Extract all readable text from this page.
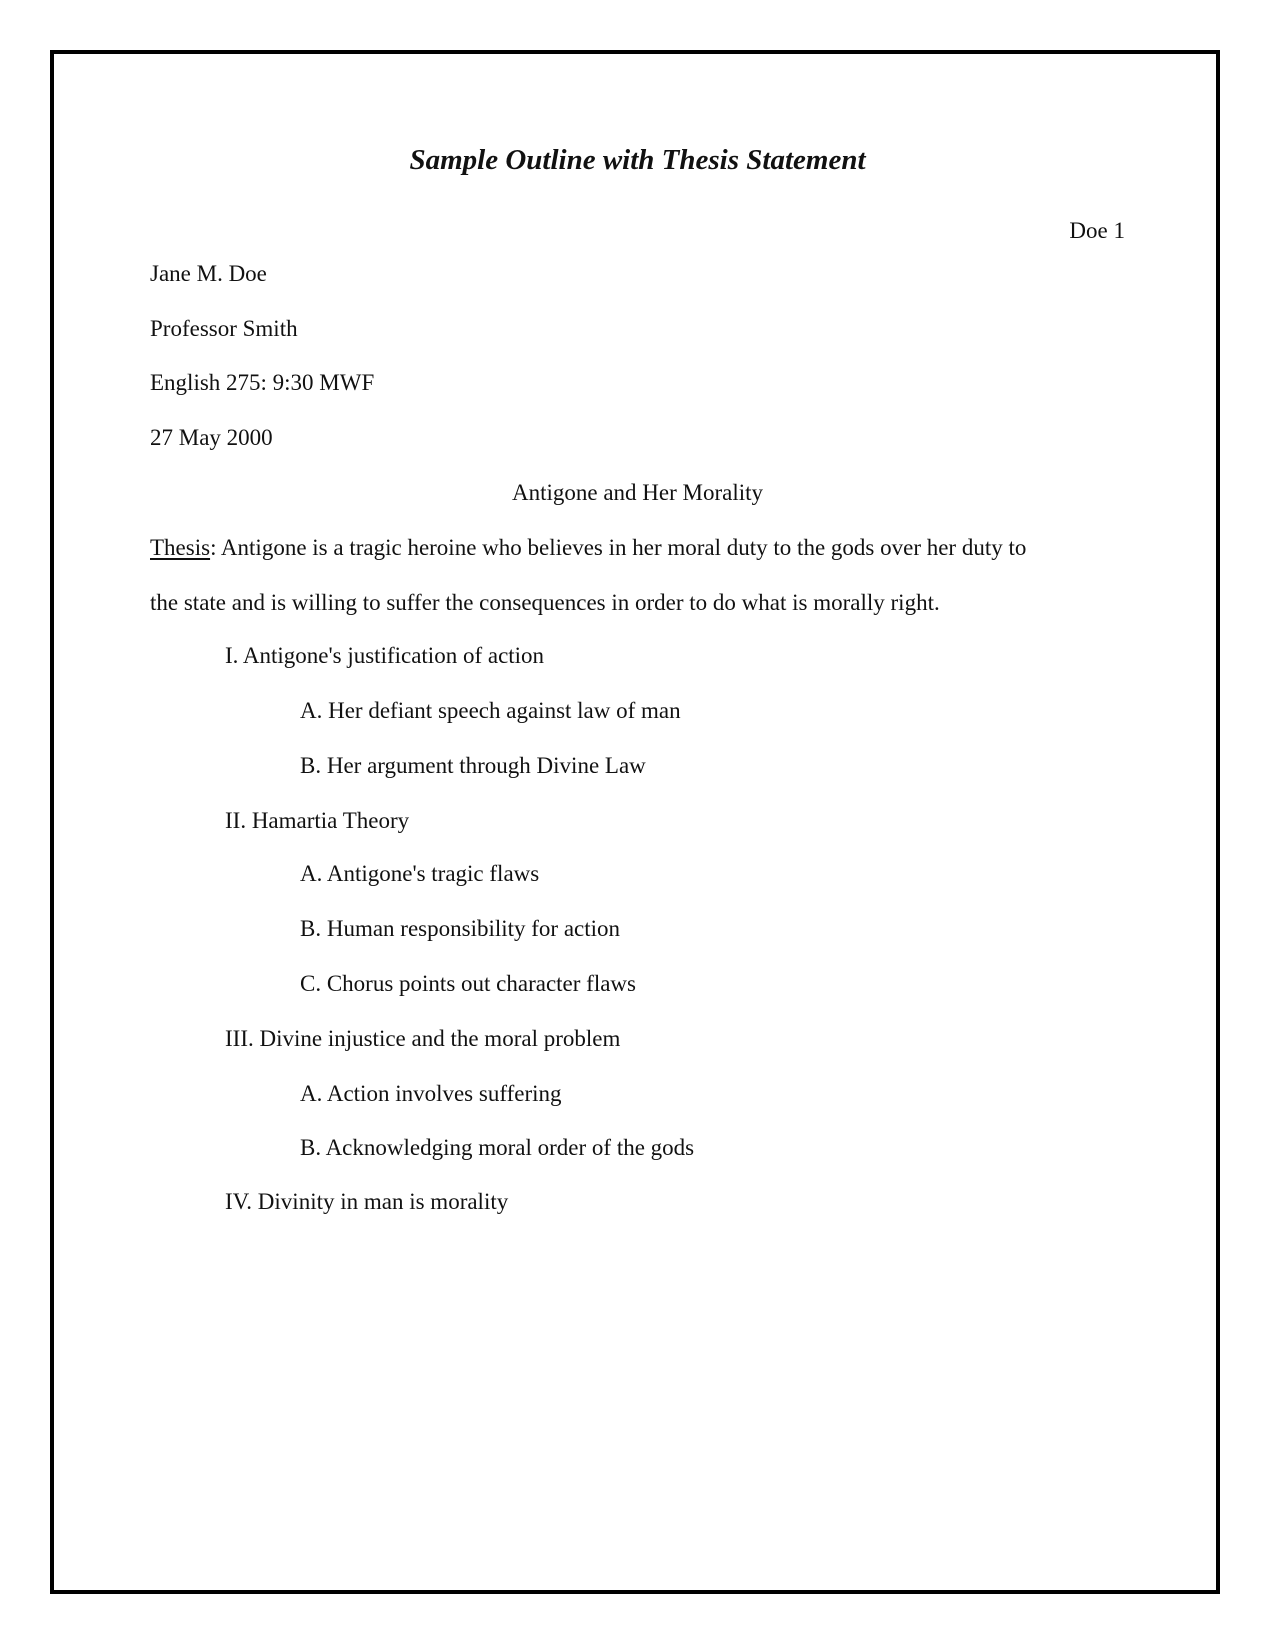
Sample Outline with Thesis Statement
Doe 1
Jane M. Doe
Professor Smith
English 275: 9:30 MWF
27 May 2000
Antigone and Her Morality
Thesis: Antigone is a tragic heroine who believes in her moral duty to the gods over her duty to
the state and is willing to suffer the consequences in order to do what is morally right.
I. Antigone's justification of action
A. Her defiant speech against law of man
B. Her argument through Divine Law
II. Hamartia Theory
A. Antigone's tragic flaws
B. Human responsibility for action
C. Chorus points out character flaws
III. Divine injustice and the moral problem
A. Action involves suffering
B. Acknowledging moral order of the gods
IV. Divinity in man is morality
